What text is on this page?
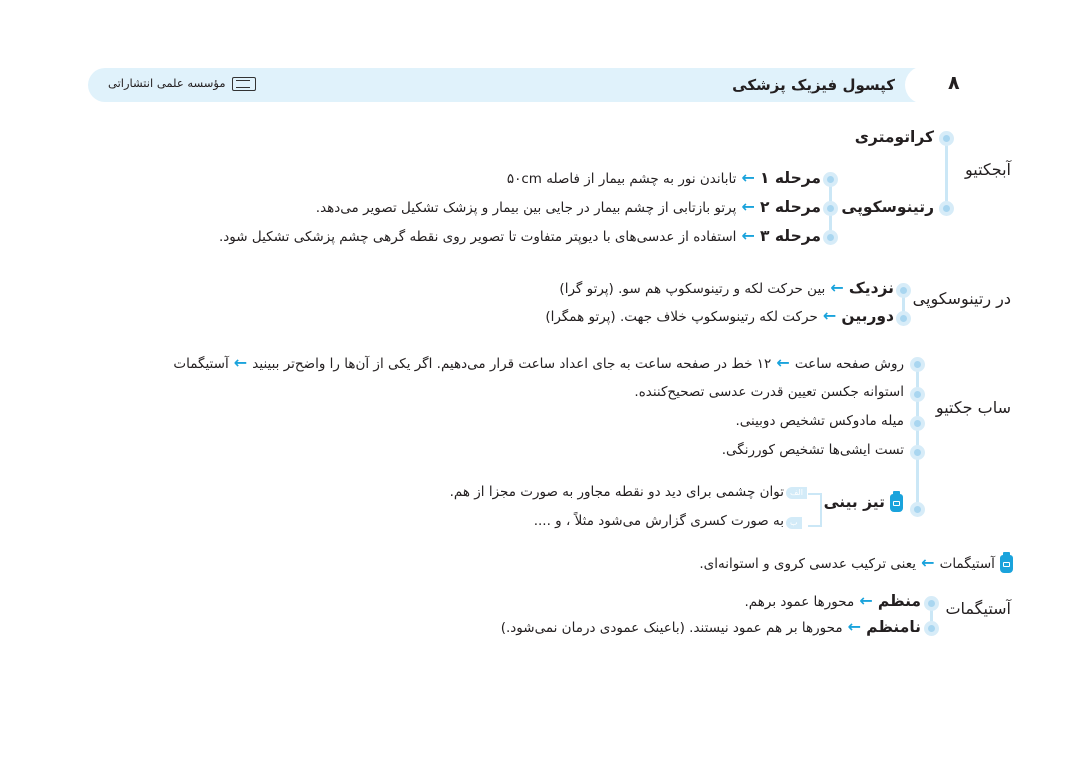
۸
کپسول فیزیک پزشکی
مؤسسه علمی انتشاراتی
آبجکتیو
کراتومتری
رتینوسکوپی
مرحله ۱ ← تاباندن نور به چشم بیمار از فاصله ۵۰cm
مرحله ۲ ← پرتو بازتابی از چشم بیمار در جایی بین بیمار و پزشک تشکیل تصویر می‌دهد.
مرحله ۳ ← استفاده از عدسی‌های با دیوپتر متفاوت تا تصویر روی نقطه گرهی چشم پزشکی تشکیل شود.
در رتینوسکوپی
نزدیک ← بین حرکت لکه و رتینوسکوپ هم سو. (پرتو گرا)
دوربین ← حرکت لکه رتینوسکوپ خلاف جهت. (پرتو همگرا)
ساب جکتیو
روش صفحه ساعت ← ۱۲ خط در صفحه ساعت به جای اعداد ساعت قرار می‌دهیم. اگر یکی از آن‌ها را واضح‌تر ببینید ← آستیگمات
استوانه جکسن تعیین قدرت عدسی تصحیح‌کننده.
میله مادوکس تشخیص دوبینی.
تست ایشی‌ها تشخیص کوررنگی.
تیز بینی
الف
ب
توان چشمی برای دید دو نقطه مجاور به صورت مجزا از هم.
به صورت کسری گزارش می‌شود مثلاً ، و ....
آستیگمات ← یعنی ترکیب عدسی کروی و استوانه‌ای.
آستیگمات
منظم ← محورها عمود برهم.
نامنظم ← محورها بر هم عمود نیستند. (باعینک عمودی درمان نمی‌شود.)
